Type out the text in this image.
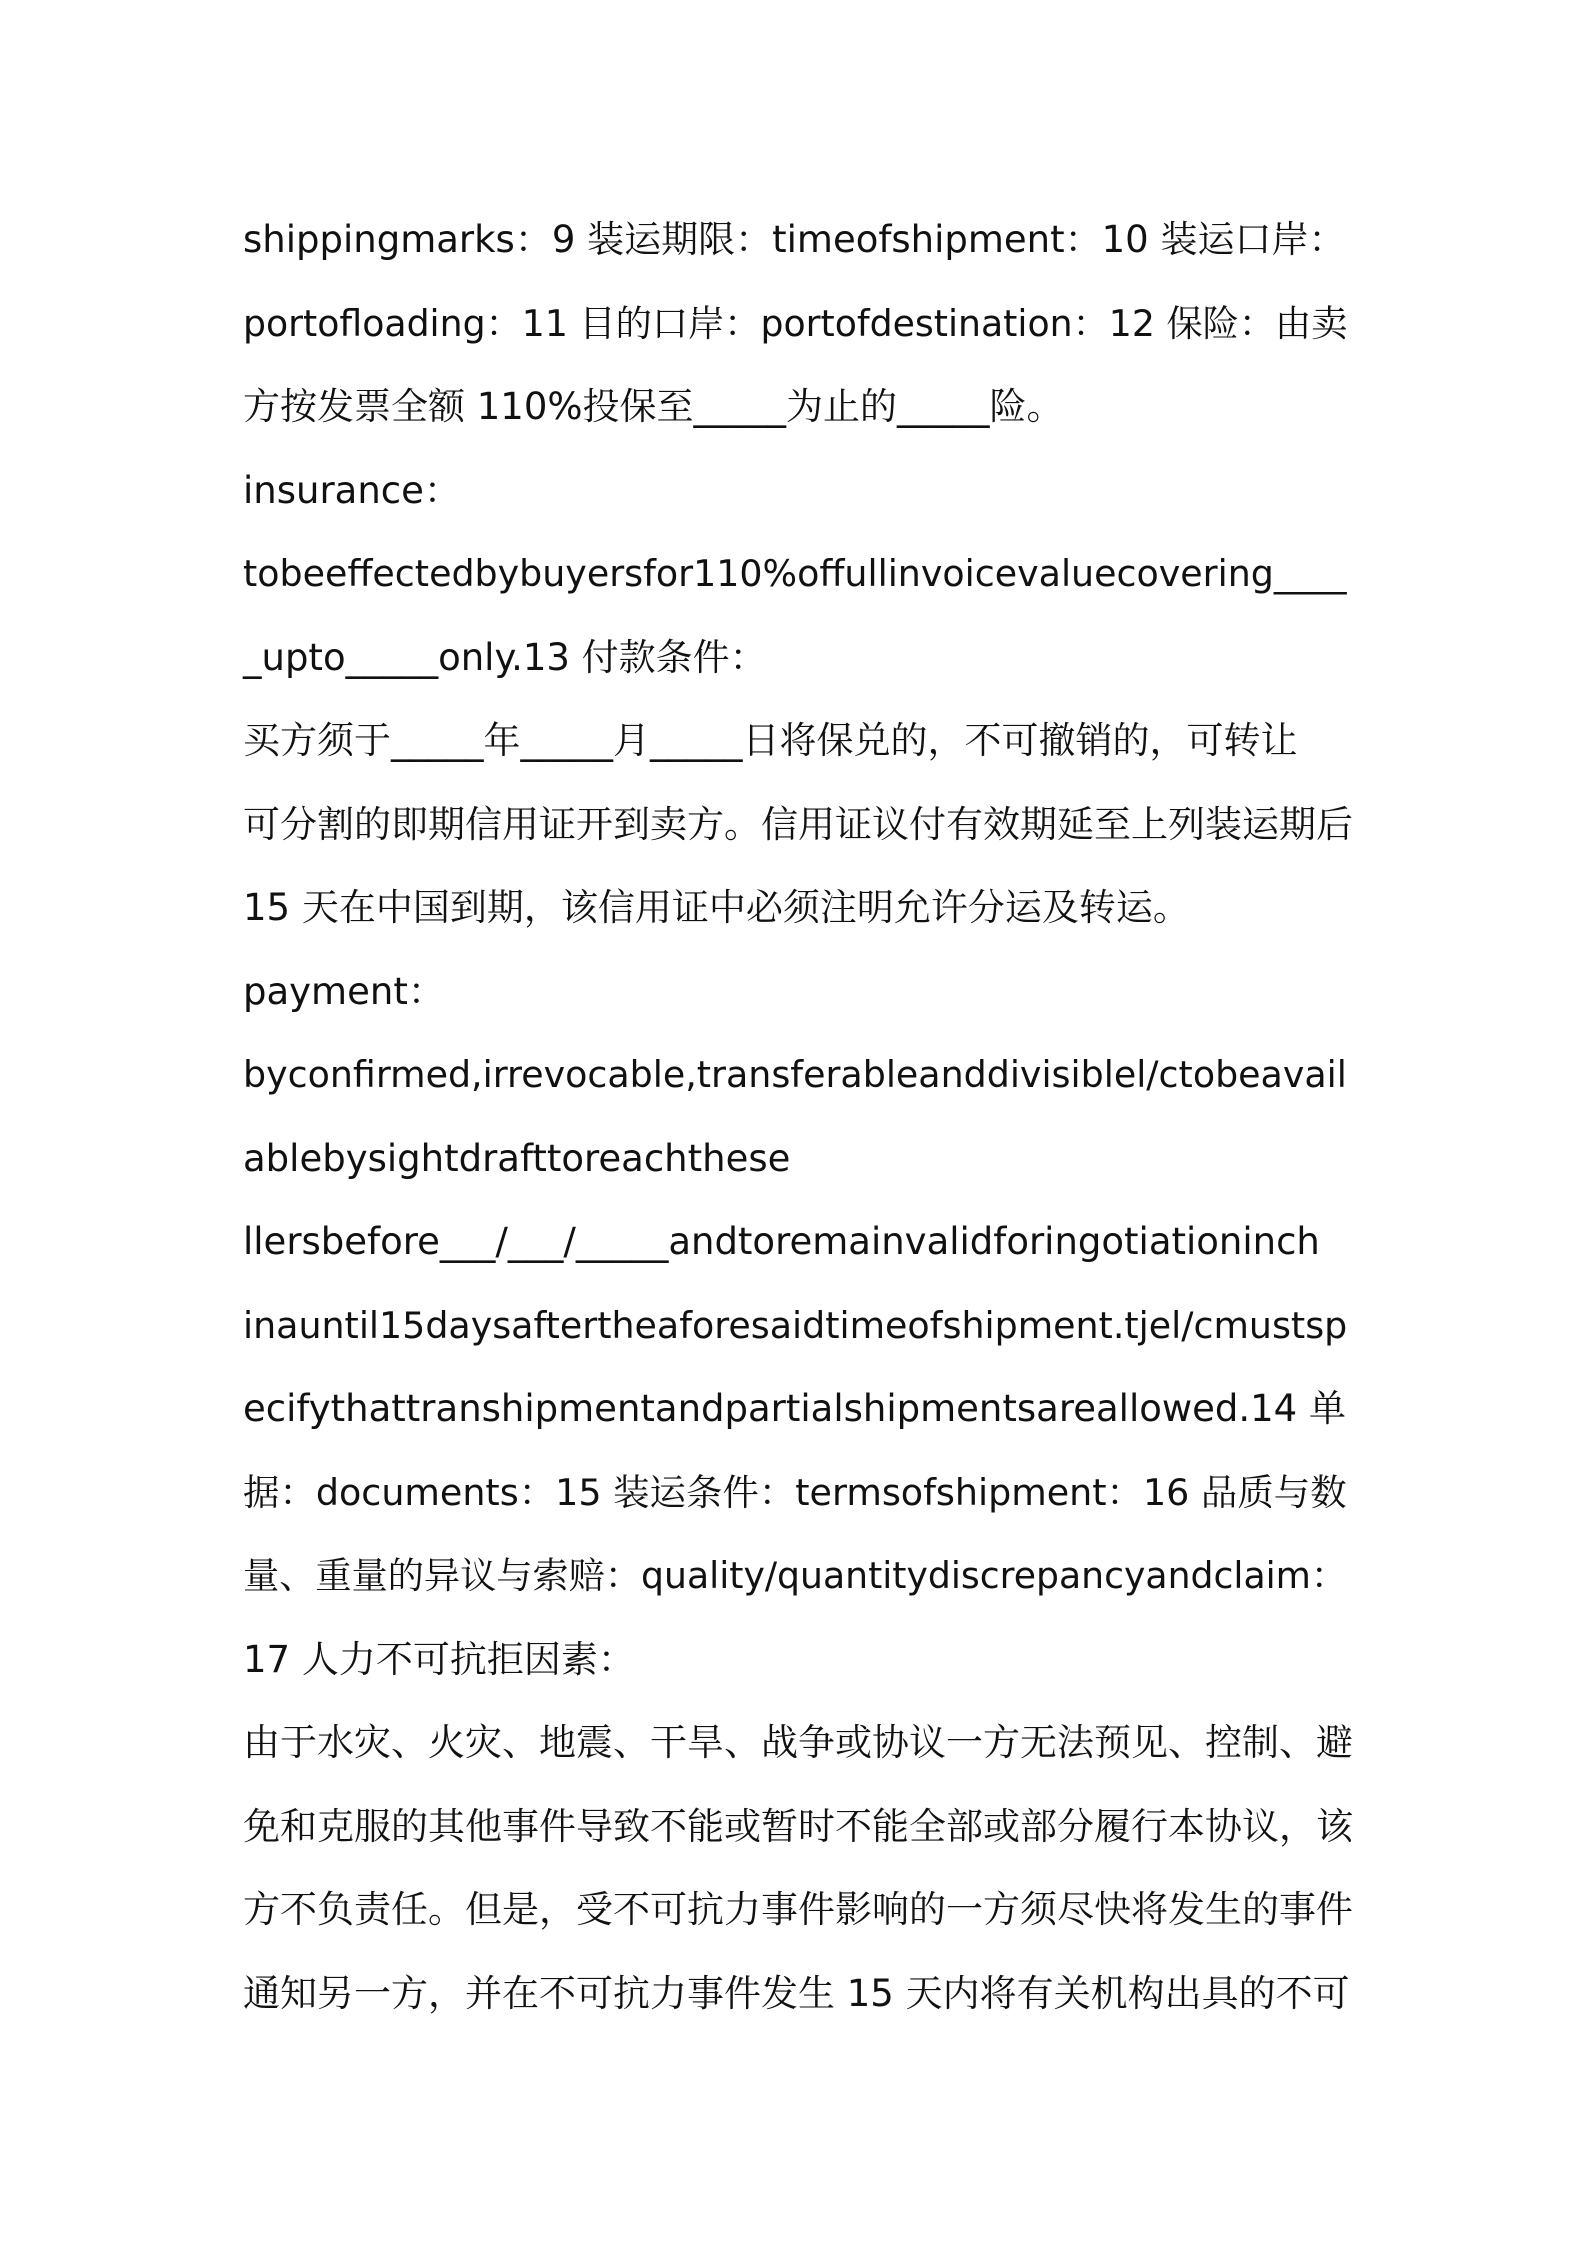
shippingmarks：9 装运期限：timeofshipment：10 装运口岸：
portofloading：11 目的口岸：portofdestination：12 保险：由卖
方按发票全额 110%投保至_____为止的_____险。
insurance：
tobeeffectedbybuyersfor110%offullinvoicevaluecovering____
_upto_____only.13 付款条件：
买方须于_____年_____月_____日将保兑的，不可撤销的，可转让
可分割的即期信用证开到卖方。信用证议付有效期延至上列装运期后
15 天在中国到期，该信用证中必须注明允许分运及转运。
payment：
byconfirmed,irrevocable,transferableanddivisiblel/ctobeavail
ablebysightdrafttoreachthese
llersbefore___/___/_____andtoremainvalidforingotiationinch
inauntil15daysaftertheaforesaidtimeofshipment.tjel/cmustsp
ecifythattranshipmentandpartialshipmentsareallowed.14 单
据：documents：15 装运条件：termsofshipment：16 品质与数
量、重量的异议与索赔：quality/quantitydiscrepancyandclaim：
17 人力不可抗拒因素：
由于水灾、火灾、地震、干旱、战争或协议一方无法预见、控制、避
免和克服的其他事件导致不能或暂时不能全部或部分履行本协议，该
方不负责任。但是，受不可抗力事件影响的一方须尽快将发生的事件
通知另一方，并在不可抗力事件发生 15 天内将有关机构出具的不可
